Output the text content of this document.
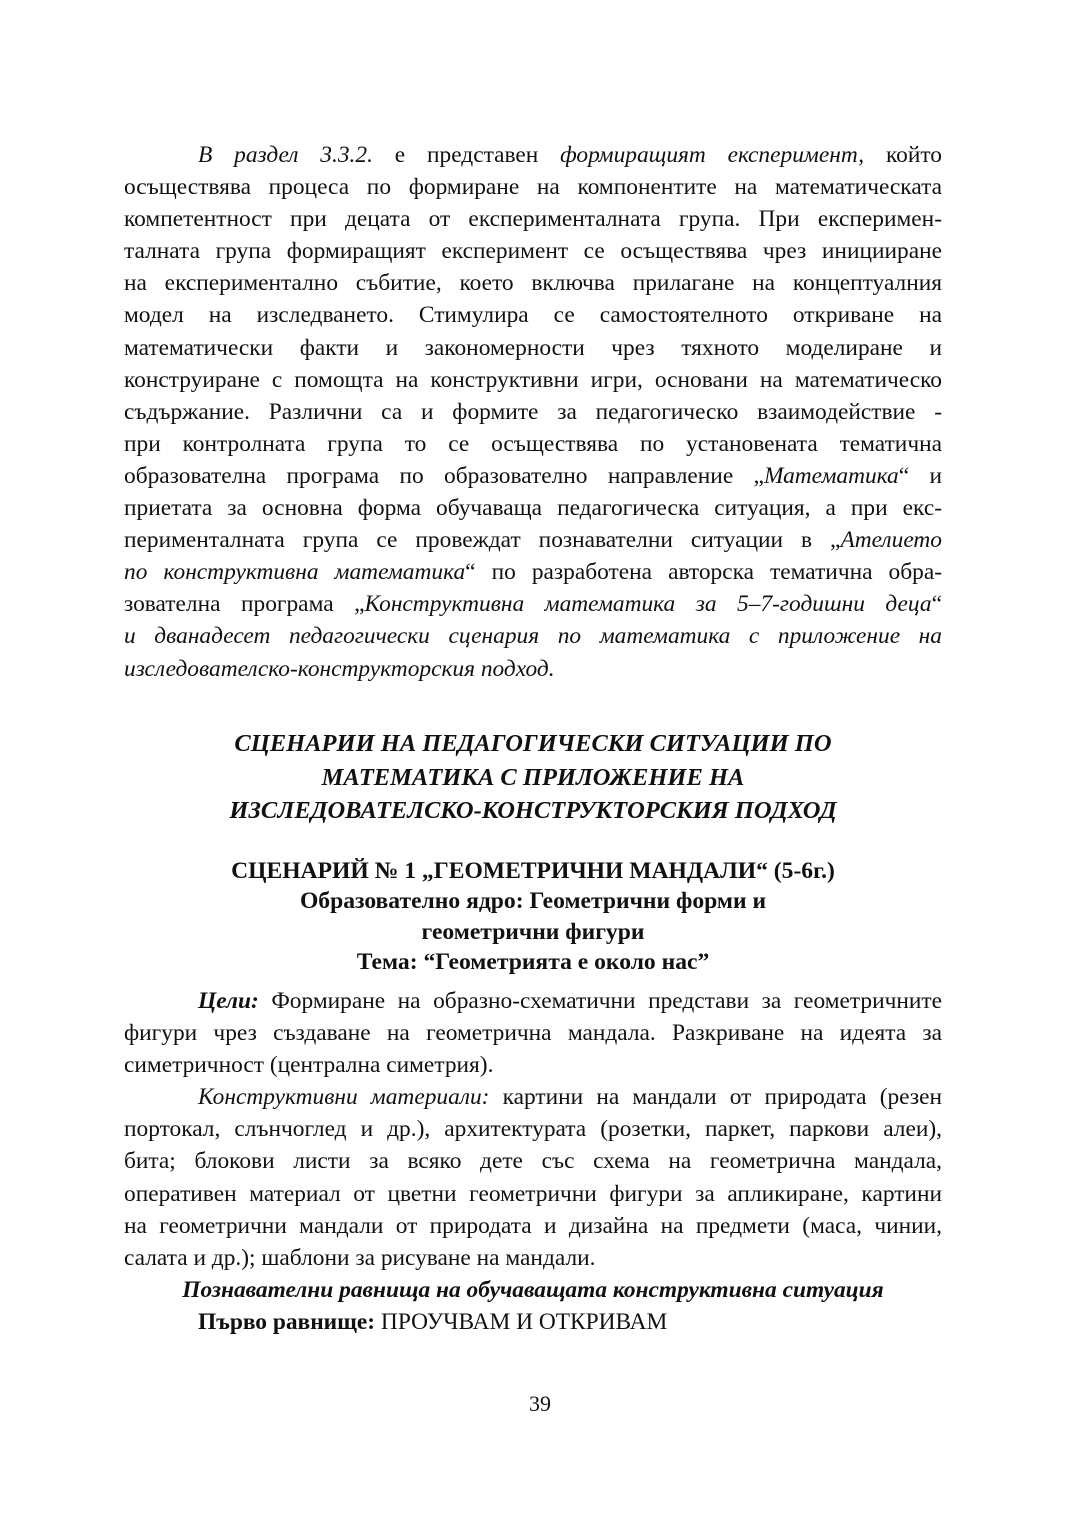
В раздел 3.3.2. е представен формиращият експеримент, който
осъществява процеса по формиране на компонентите на математическата
компетентност при децата от експерименталната група. При експеримен-
талната група формиращият експеримент се осъществява чрез иницииране
на експериментално събитие, което включва прилагане на концептуалния
модел на изследването. Стимулира се самостоятелното откриване на
математически факти и закономерности чрез тяхното моделиране и
конструиране с помощта на конструктивни игри, основани на математическо
съдържание. Различни са и формите за педагогическо взаимодействие -
при контролната група то се осъществява по установената тематична
образователна програма по образователно направление „Математика“ и
приетата за основна форма обучаваща педагогическа ситуация, а при екс-
перименталната група се провеждат познавателни ситуации в „Ателието
по конструктивна математика“ по разработена авторска тематична обра-
зователна програма „Конструктивна математика за 5–7-годишни деца“
и дванадесет педагогически сценария по математика с приложение на
изследователско-конструкторския подход.
СЦЕНАРИИ НА ПЕДАГОГИЧЕСКИ СИТУАЦИИ ПО
МАТЕМАТИКА С ПРИЛОЖЕНИЕ НА
ИЗСЛЕДОВАТЕЛСКО-КОНСТРУКТОРСКИЯ ПОДХОД
СЦЕНАРИЙ № 1 „ГЕОМЕТРИЧНИ МАНДАЛИ“ (5-6г.)
Образователно ядро: Геометрични форми и
геометрични фигури
Тема: “Геометрията е около нас”
Цели: Формиране на образно-схематични представи за геометричните
фигури чрез създаване на геометрична мандала. Разкриване на идеята за
симетричност (централна симетрия).
Конструктивни материали: картини на мандали от природата (резен
портокал, слънчоглед и др.), архитектурата (розетки, паркет, паркови алеи),
бита; блокови листи за всяко дете със схема на геометрична мандала,
оперативен материал от цветни геометрични фигури за апликиране, картини
на геометрични мандали от природата и дизайна на предмети (маса, чинии,
салата и др.); шаблони за рисуване на мандали.
Познавателни равнища на обучаващата конструктивна ситуация
Първо равнище: ПРОУЧВАМ И ОТКРИВАМ
39
